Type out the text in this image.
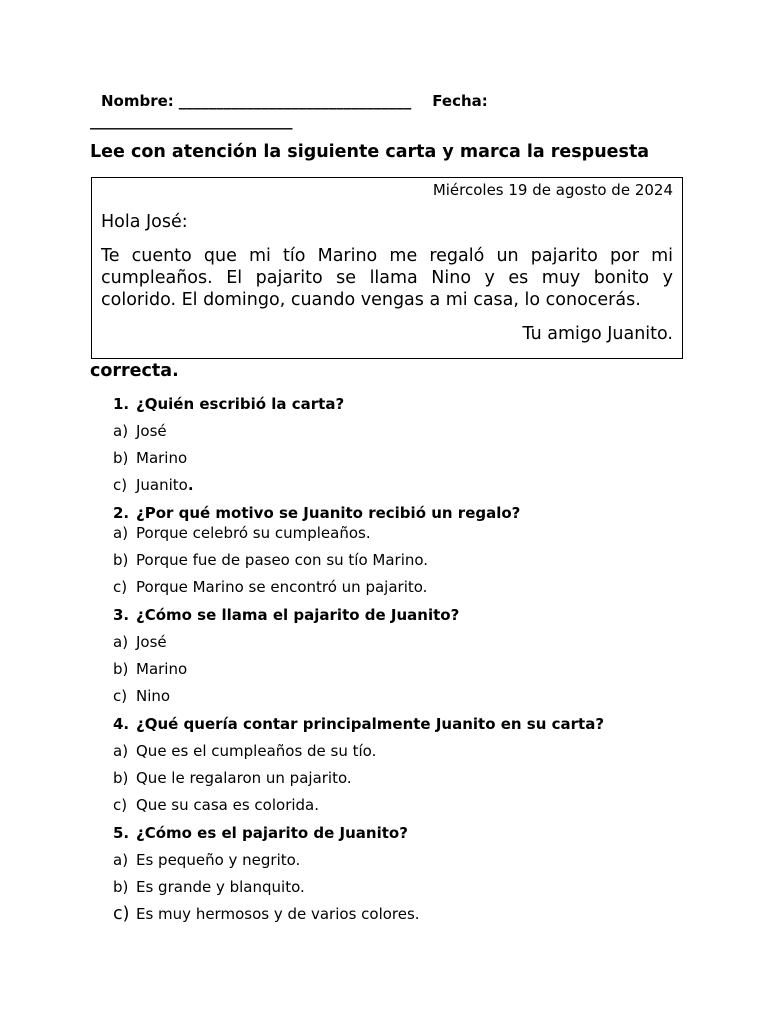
Nombre: _______________________________ Fecha:
___________________________
Lee con atención la siguiente carta y marca la respuesta
Miércoles 19 de agosto de 2024
Hola José:
Te cuento que mi tío Marino me regaló un pajarito por mi
cumpleaños. El pajarito se llama Nino y es muy bonito y
colorido. El domingo, cuando vengas a mi casa, lo conocerás.
Tu amigo Juanito.
correcta.
1. ¿Quién escribió la carta?
a) José
b) Marino
c) Juanito.
2. ¿Por qué motivo se Juanito recibió un regalo?
a) Porque celebró su cumpleaños.
b) Porque fue de paseo con su tío Marino.
c) Porque Marino se encontró un pajarito.
3. ¿Cómo se llama el pajarito de Juanito?
a) José
b) Marino
c) Nino
4. ¿Qué quería contar principalmente Juanito en su carta?
a) Que es el cumpleaños de su tío.
b) Que le regalaron un pajarito.
c) Que su casa es colorida.
5. ¿Cómo es el pajarito de Juanito?
a) Es pequeño y negrito.
b) Es grande y blanquito.
c) Es muy hermosos y de varios colores.
